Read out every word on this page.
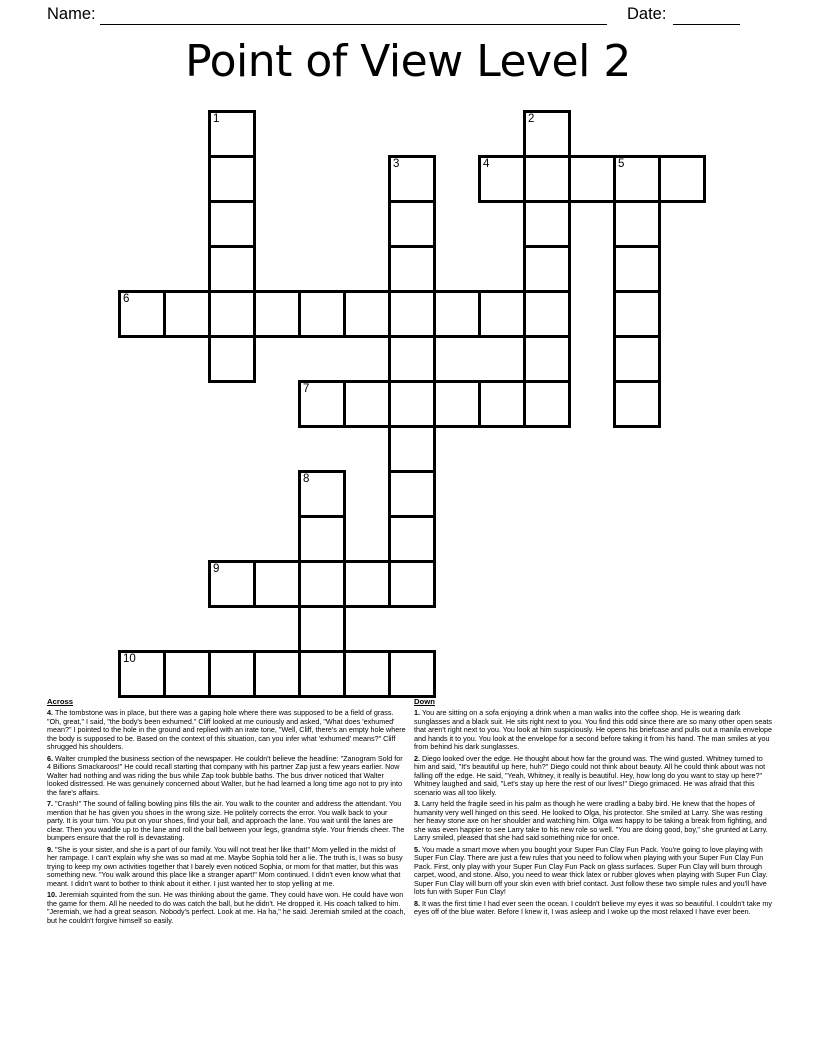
Name:	Date:
Point of View Level 2
1	2
3	4	5
6
7
8
9
10
Across
4. The tombstone was in place, but there was a gaping hole where there was supposed to be a field of grass. "Oh, great," I said, "the body's been exhumed." Cliff looked at me curiously and asked, "What does 'exhumed' mean?" I pointed to the hole in the ground and replied with an irate tone, "Well, Cliff, there's an empty hole where the body is supposed to be. Based on the context of this situation, can you infer what 'exhumed' means?" Cliff shrugged his shoulders.
6. Walter crumpled the business section of the newspaper. He couldn't believe the headline: "Zanogram Sold for 4 Billions Smackaroos!" He could recall starting that company with his partner Zap just a few years earlier. Now Walter had nothing and was riding the bus while Zap took bubble baths. The bus driver noticed that Walter looked distressed. He was genuinely concerned about Walter, but he had learned a long time ago not to pry into the fare's affairs.
7. "Crash!" The sound of falling bowling pins fills the air. You walk to the counter and address the attendant. You mention that he has given you shoes in the wrong size. He politely corrects the error. You walk back to your party. It is your turn. You put on your shoes, find your ball, and approach the lane. You wait until the lanes are clear. Then you waddle up to the lane and roll the ball between your legs, grandma style. Your friends cheer. The bumpers ensure that the roll is devastating.
9. "She is your sister, and she is a part of our family. You will not treat her like that!" Mom yelled in the midst of her rampage. I can't explain why she was so mad at me. Maybe Sophia told her a lie. The truth is, I was so busy trying to keep my own activities together that I barely even noticed Sophia, or mom for that matter, but this was something new. "You walk around this place like a stranger apart!" Mom continued. I didn't even know what that meant. I didn't want to bother to think about it either. I just wanted her to stop yelling at me.
10. Jeremiah squinted from the sun. He was thinking about the game. They could have won. He could have won the game for them. All he needed to do was catch the ball, but he didn't. He dropped it. His coach talked to him. "Jeremiah, we had a great season. Nobody's perfect. Look at me. Ha ha," he said. Jeremiah smiled at the coach, but he couldn't forgive himself so easily.
Down
1. You are sitting on a sofa enjoying a drink when a man walks into the coffee shop. He is wearing dark sunglasses and a black suit. He sits right next to you. You find this odd since there are so many other open seats that aren't right next to you. You look at him suspiciously. He opens his briefcase and pulls out a manila envelope and hands it to you. You look at the envelope for a second before taking it from his hand. The man smiles at you from behind his dark sunglasses.
2. Diego looked over the edge. He thought about how far the ground was. The wind gusted. Whitney turned to him and said, "It's beautiful up here, huh?" Diego could not think about beauty. All he could think about was not falling off the edge. He said, "Yeah, Whitney, it really is beautiful. Hey, how long do you want to stay up here?" Whitney laughed and said, "Let's stay up here the rest of our lives!" Diego grimaced. He was afraid that this scenario was all too likely.
3. Larry held the fragile seed in his palm as though he were cradling a baby bird. He knew that the hopes of humanity very well hinged on this seed. He looked to Olga, his protector. She smiled at Larry. She was resting her heavy stone axe on her shoulder and watching him. Olga was happy to be taking a break from fighting, and she was even happier to see Larry take to his new role so well. "You are doing good, boy," she grunted at Larry. Larry smiled, pleased that she had said something nice for once.
5. You made a smart move when you bought your Super Fun Clay Fun Pack. You're going to love playing with Super Fun Clay. There are just a few rules that you need to follow when playing with your Super Fun Clay Fun Pack. First, only play with your Super Fun Clay Fun Pack on glass surfaces. Super Fun Clay will burn through carpet, wood, and stone. Also, you need to wear thick latex or rubber gloves when playing with Super Fun Clay. Super Fun Clay will burn off your skin even with brief contact. Just follow these two simple rules and you'll have lots fun with Super Fun Clay!
8. It was the first time I had ever seen the ocean. I couldn't believe my eyes it was so beautiful. I couldn't take my eyes off of the blue water. Before I knew it, I was asleep and I woke up the most relaxed I have ever been.
